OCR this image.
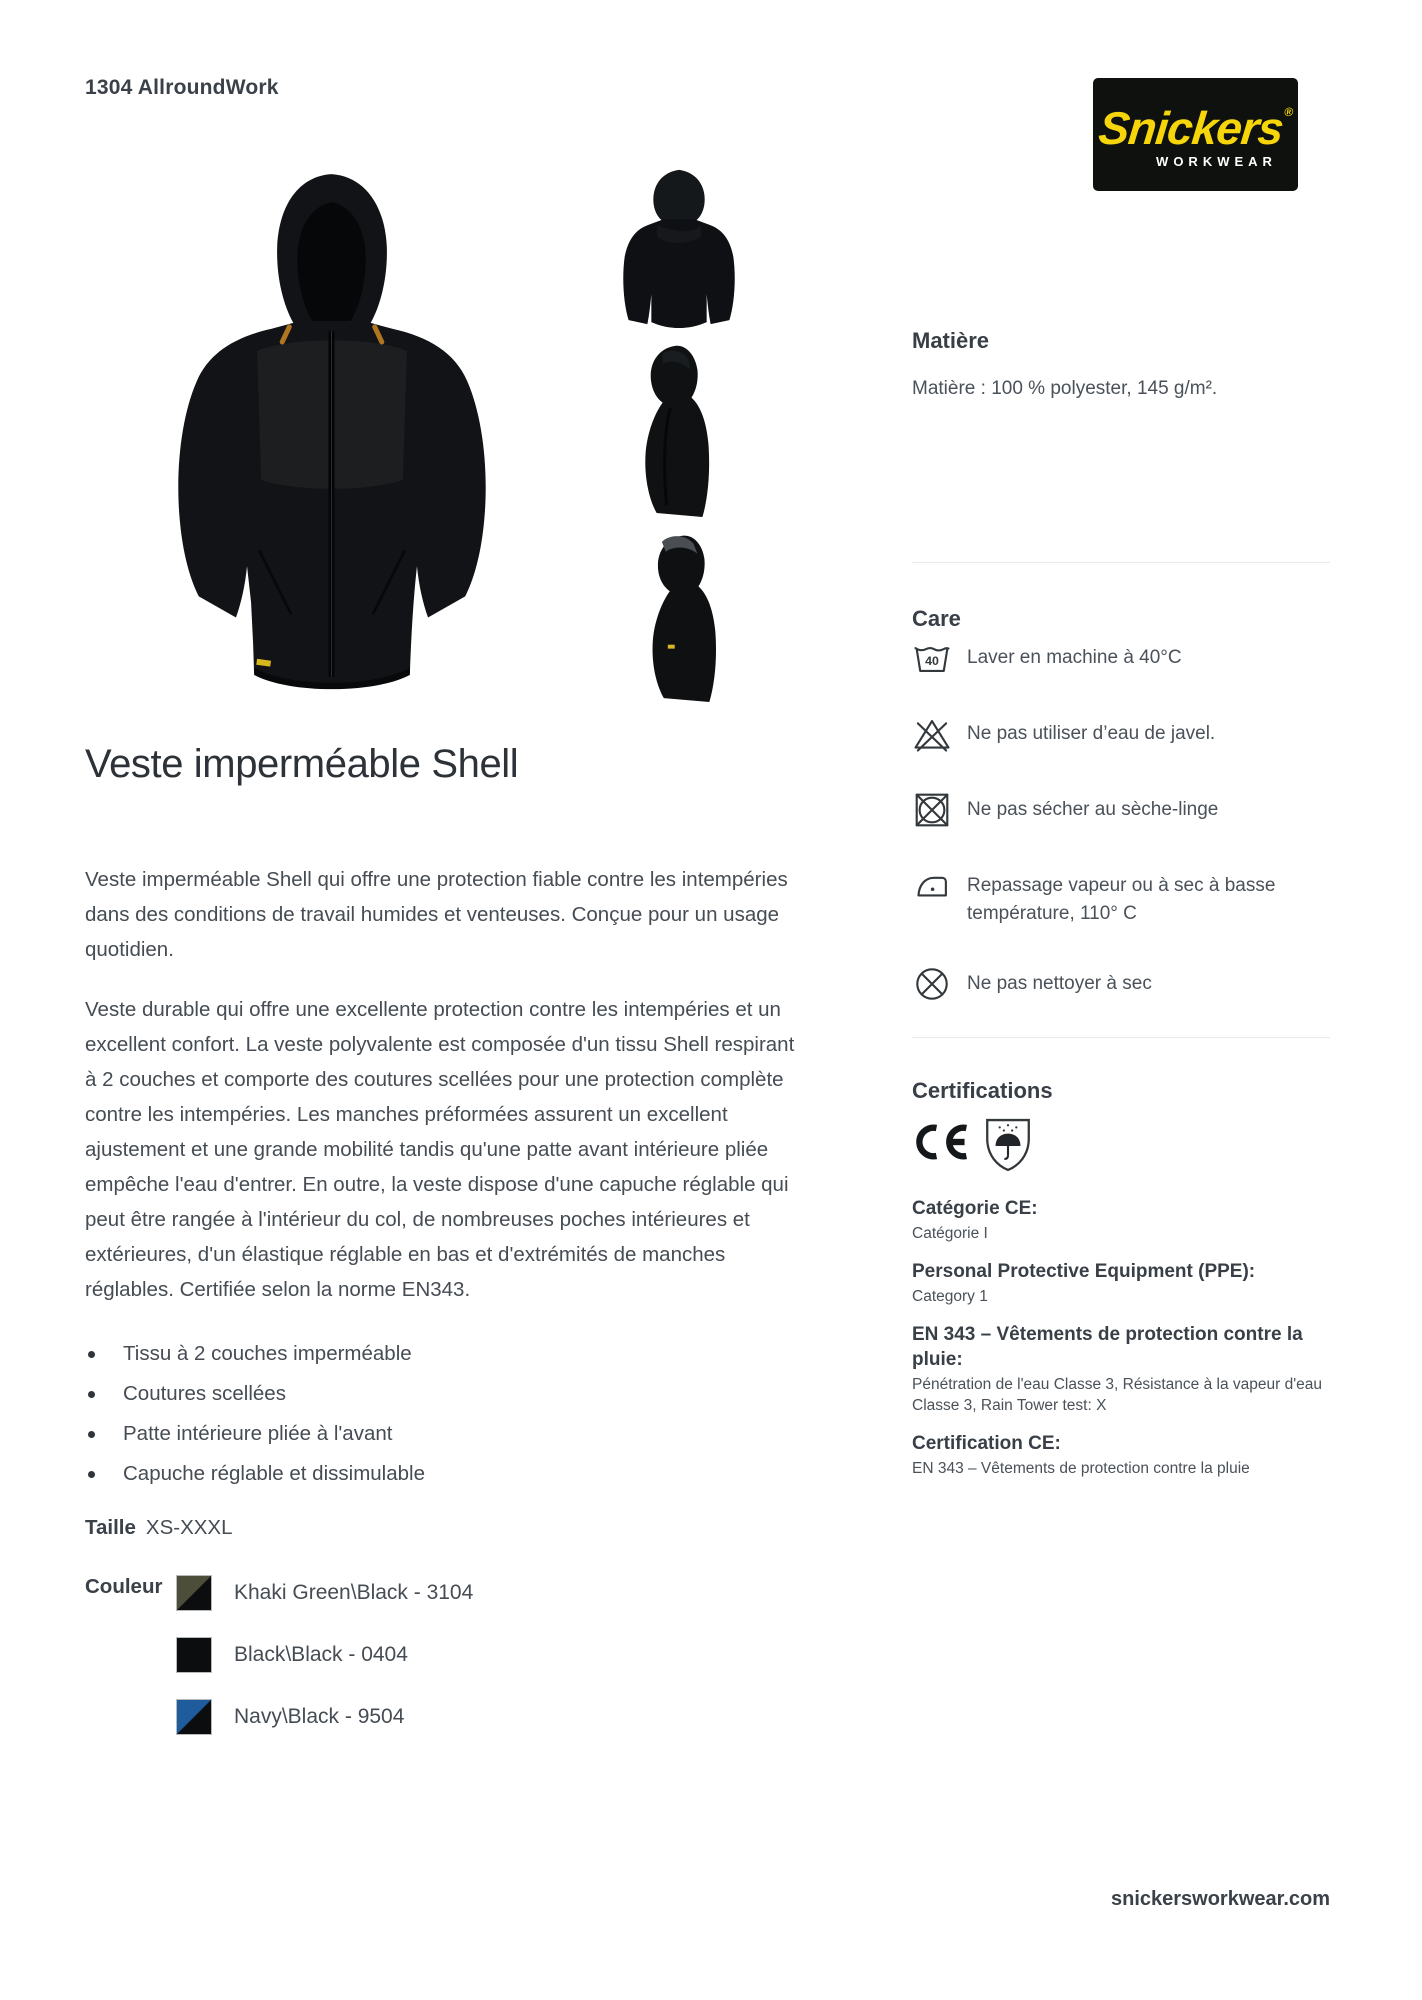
1304 AllroundWork
Snickers®
WORKWEAR
Veste imperméable Shell

Veste imperméable Shell qui offre une protection fiable contre les intempéries dans des conditions de travail humides et venteuses. Conçue pour un usage quotidien.

Veste durable qui offre une excellente protection contre les intempéries et un excellent confort. La veste polyvalente est composée d'un tissu Shell respirant à 2 couches et comporte des coutures scellées pour une protection complète contre les intempéries. Les manches préformées assurent un excellent ajustement et une grande mobilité tandis qu'une patte avant intérieure pliée empêche l'eau d'entrer. En outre, la veste dispose d'une capuche réglable qui peut être rangée à l'intérieur du col, de nombreuses poches intérieures et extérieures, d'un élastique réglable en bas et d'extrémités de manches réglables. Certifiée selon la norme EN343.

Tissu à 2 couches imperméable
Coutures scellées
Patte intérieure pliée à l'avant
Capuche réglable et dissimulable
Taille XS-XXXL
Couleur	Khaki Green\Black - 3104
Black\Black - 0404
Navy\Black - 9504
Matière
Matière : 100 % polyester, 145 g/m².
Care
40 Laver en machine à 40°C
Ne pas utiliser d’eau de javel.
Ne pas sécher au sèche-linge
Repassage vapeur ou à sec à basse température, 110° C
Ne pas nettoyer à sec
Certifications
Catégorie CE:
Catégorie I
Personal Protective Equipment (PPE):
Category 1
EN 343 – Vêtements de protection contre la pluie:
Pénétration de l'eau Classe 3, Résistance à la vapeur d'eau Classe 3, Rain Tower test: X
Certification CE:
EN 343 – Vêtements de protection contre la pluie
snickersworkwear.com
